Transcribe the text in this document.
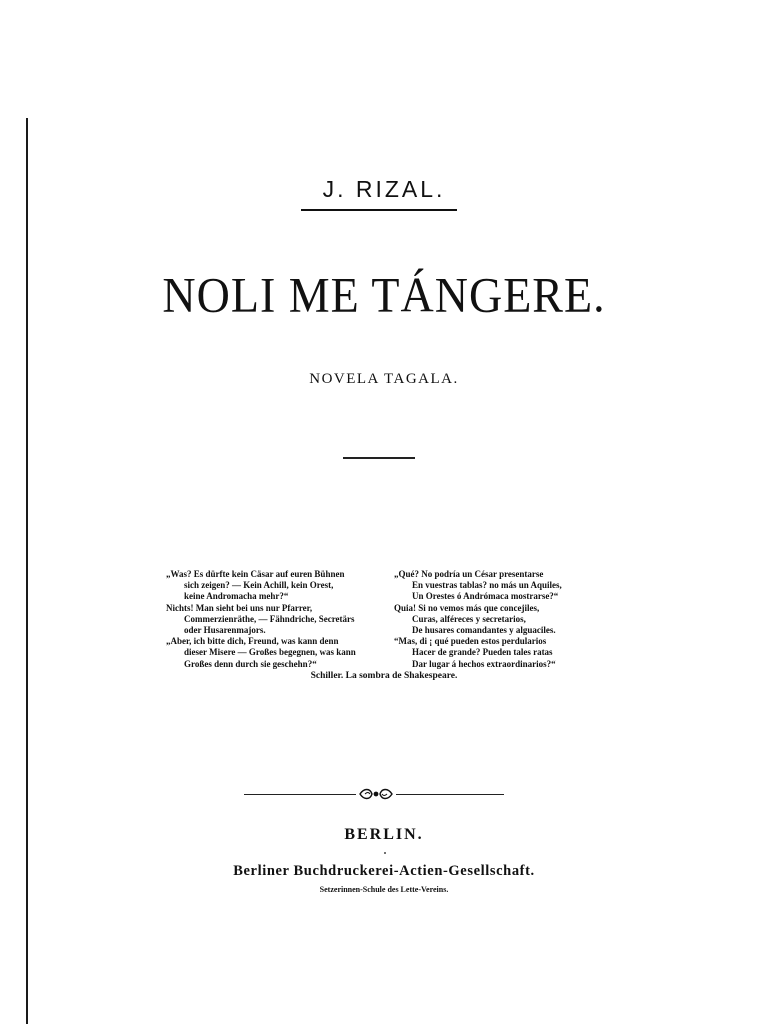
J. RIZAL.
NOLI ME TÁNGERE.
NOVELA TAGALA.
„Was? Es dürfte kein Cäsar auf euren Bühnen
sich zeigen? — Kein Achill, kein Orest,
keine Andromacha mehr?“
Nichts! Man sieht bei uns nur Pfarrer,
Commerzienräthe, — Fähndriche, Secretärs
oder Husarenmajors.
„Aber, ich bitte dich, Freund, was kann denn
dieser Misere — Großes begegnen, was kann
Großes denn durch sie geschehn?“
„Qué? No podría un César presentarse
En vuestras tablas? no más un Aquiles,
Un Orestes ó Andrómaca mostrarse?“
Quia! Si no vemos más que concejiles,
Curas, alféreces y secretarios,
De husares comandantes y alguaciles.
“Mas, di ¡ qué pueden estos perdularios
Hacer de grande? Pueden tales ratas
Dar lugar á hechos extraordinarios?“
Schiller. La sombra de Shakespeare.
BERLIN.
Berliner Buchdruckerei-Actien-Gesellschaft.
Setzerinnen-Schule des Lette-Vereins.
